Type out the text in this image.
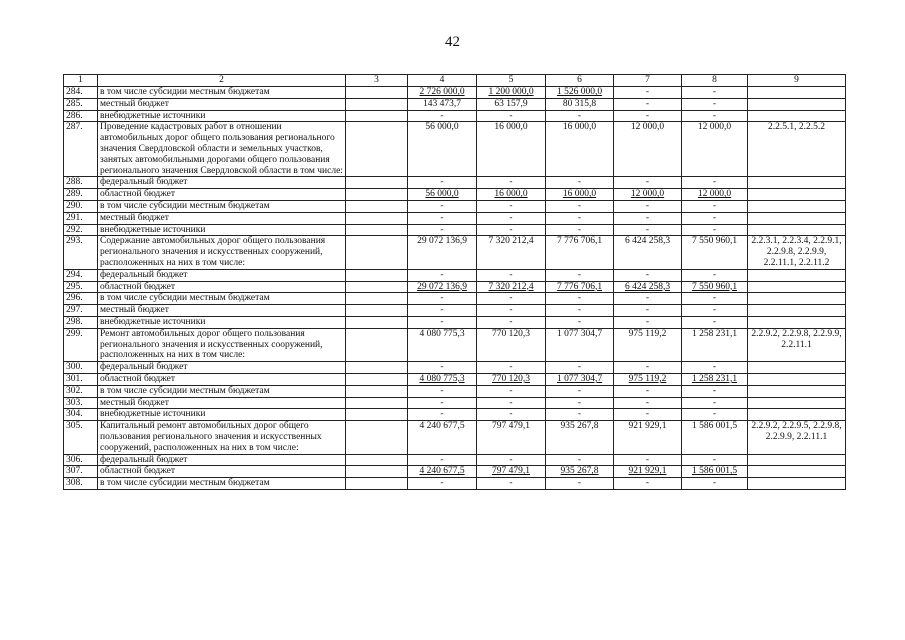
42
1	2	3	4	5	6	7	8	9
284.	в том числе субсидии местным бюджетам		2 726 000,0	1 200 000,0	1 526 000,0	-	-	
285.	местный бюджет		143 473,7	63 157,9	80 315,8	-	-	
286.	внебюджетные источники		-	-	-	-	-	
287.	Проведение кадастровых работ в отношении автомобильных дорог общего пользования регионального значения Свердловской области и земельных участков, занятых автомобильными дорогами общего пользования регионального значения Свердловской области в том числе:		56 000,0	16 000,0	16 000,0	12 000,0	12 000,0	2.2.5.1, 2.2.5.2
288.	федеральный бюджет		-	-	-	-	-	
289.	областной бюджет		56 000,0	16 000,0	16 000,0	12 000,0	12 000,0	
290.	в том числе субсидии местным бюджетам		-	-	-	-	-	
291.	местный бюджет		-	-	-	-	-	
292.	внебюджетные источники		-	-	-	-	-	
293.	Содержание автомобильных дорог общего пользования регионального значения и искусственных сооружений, расположенных на них в том числе:		29 072 136,9	7 320 212,4	7 776 706,1	6 424 258,3	7 550 960,1	2.2.3.1, 2.2.3.4, 2.2.9.1, 2.2.9.8, 2.2.9.9, 2.2.11.1, 2.2.11.2
294.	федеральный бюджет		-	-	-	-	-	
295.	областной бюджет		29 072 136,9	7 320 212,4	7 776 706,1	6 424 258,3	7 550 960,1	
296.	в том числе субсидии местным бюджетам		-	-	-	-	-	
297.	местный бюджет		-	-	-	-	-	
298.	внебюджетные источники		-	-	-	-	-	
299.	Ремонт автомобильных дорог общего пользования регионального значения и искусственных сооружений, расположенных на них в том числе:		4 080 775,3	770 120,3	1 077 304,7	975 119,2	1 258 231,1	2.2.9.2, 2.2.9.8, 2.2.9.9, 2.2.11.1
300.	федеральный бюджет		-	-	-	-	-	
301.	областной бюджет		4 080 775,3	770 120,3	1 077 304,7	975 119,2	1 258 231,1	
302.	в том числе субсидии местным бюджетам		-	-	-	-	-	
303.	местный бюджет		-	-	-	-	-	
304.	внебюджетные источники		-	-	-	-	-	
305.	Капитальный ремонт автомобильных дорог общего пользования регионального значения и искусственных сооружений, расположенных на них в том числе:		4 240 677,5	797 479,1	935 267,8	921 929,1	1 586 001,5	2.2.9.2, 2.2.9.5, 2.2.9.8, 2.2.9.9, 2.2.11.1
306.	федеральный бюджет		-	-	-	-	-	
307.	областной бюджет		4 240 677,5	797 479,1	935 267,8	921 929,1	1 586 001,5	
308.	в том числе субсидии местным бюджетам		-	-	-	-	-	
